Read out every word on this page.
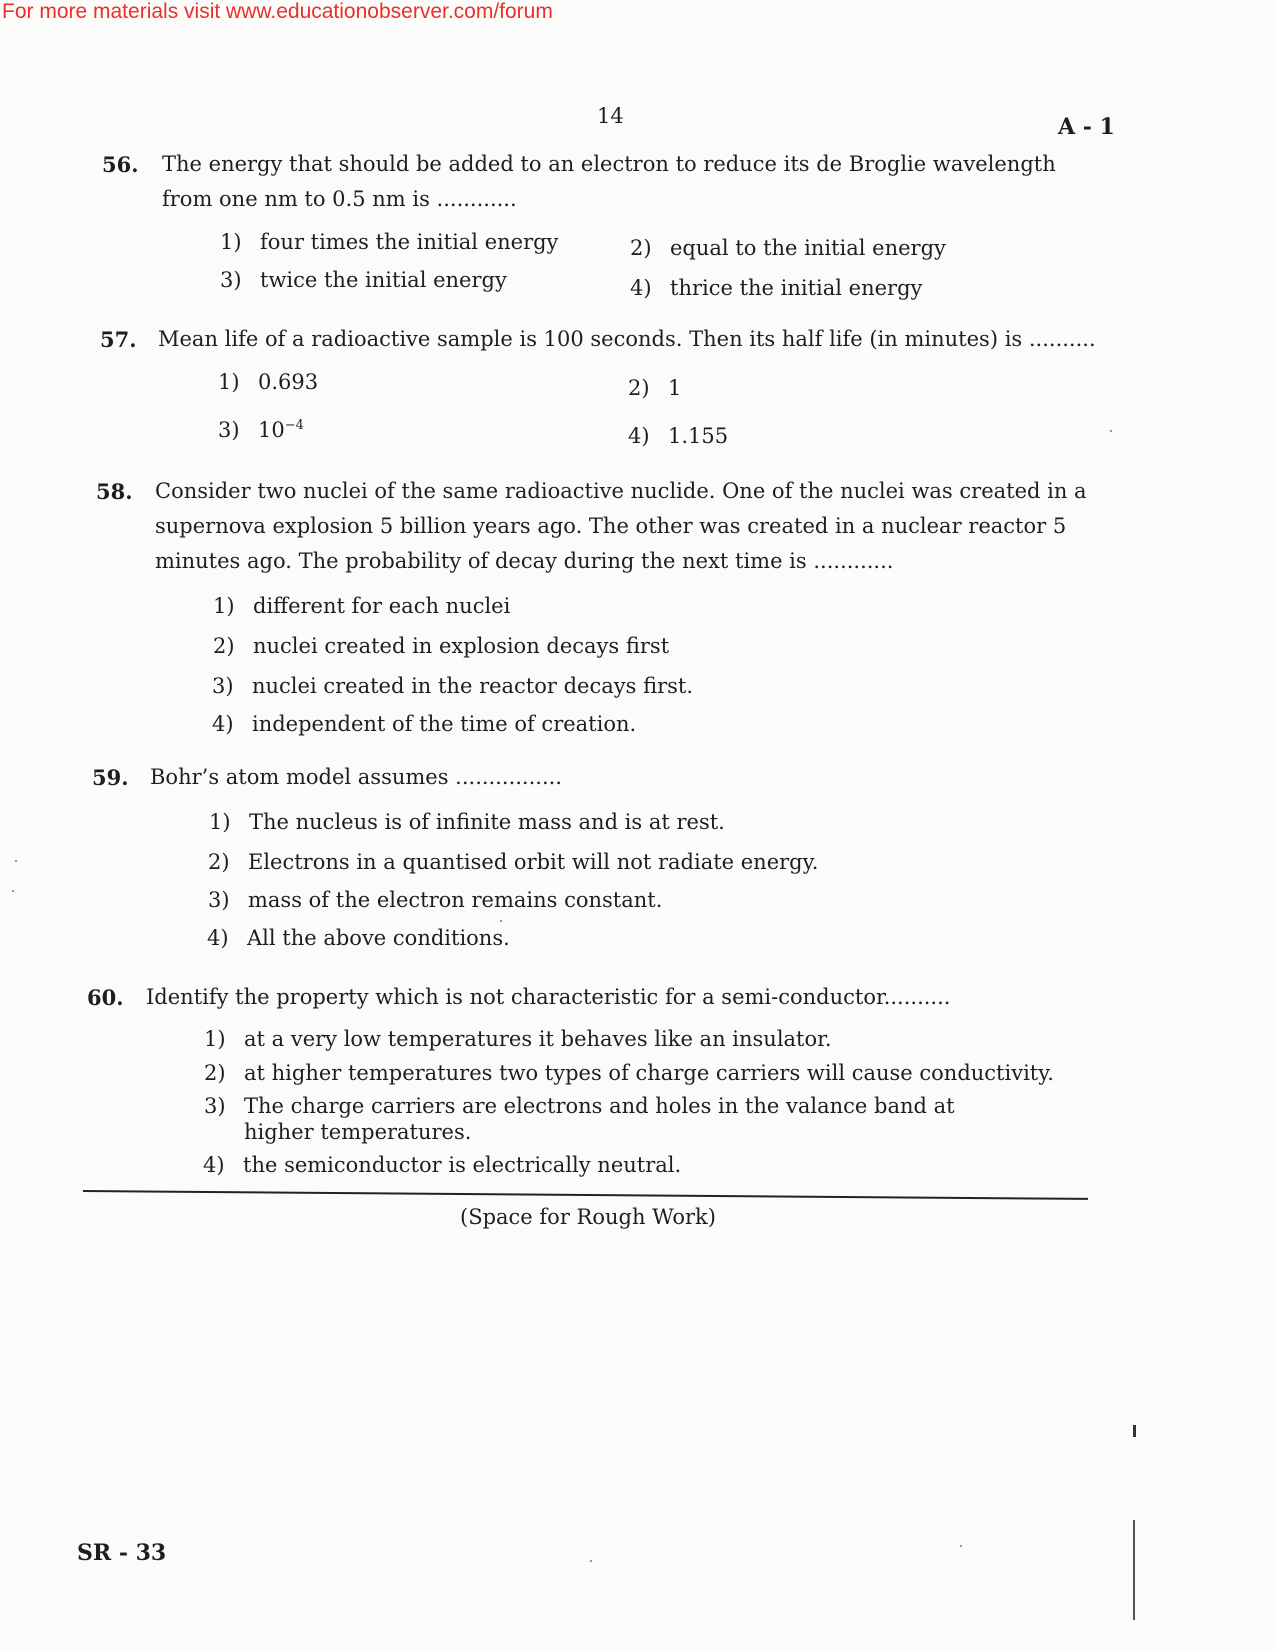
For more materials visit www.educationobserver.com/forum
14	A - 1
56. The energy that should be added to an electron to reduce its de Broglie wavelength from one nm to 0.5 nm is ............
1) four times the initial energy	2) equal to the initial energy
3) twice the initial energy	4) thrice the initial energy
57. Mean life of a radioactive sample is 100 seconds. Then its half life (in minutes) is ..........
1) 0.693	2) 1
3) $10^{-4}$	4) 1.155
58. Consider two nuclei of the same radioactive nuclide. One of the nuclei was created in a supernova explosion 5 billion years ago. The other was created in a nuclear reactor 5 minutes ago. The probability of decay during the next time is ............
1) different for each nuclei
2) nuclei created in explosion decays first
3) nuclei created in the reactor decays first.
4) independent of the time of creation.
59. Bohr’s atom model assumes ................
1) The nucleus is of infinite mass and is at rest.
2) Electrons in a quantised orbit will not radiate energy.
3) mass of the electron remains constant.
4) All the above conditions.
60. Identify the property which is not characteristic for a semi-conductor..........
1) at a very low temperatures it behaves like an insulator.
2) at higher temperatures two types of charge carriers will cause conductivity.
3) The charge carriers are electrons and holes in the valance band at higher temperatures.
4) the semiconductor is electrically neutral.
(Space for Rough Work)
SR - 33
